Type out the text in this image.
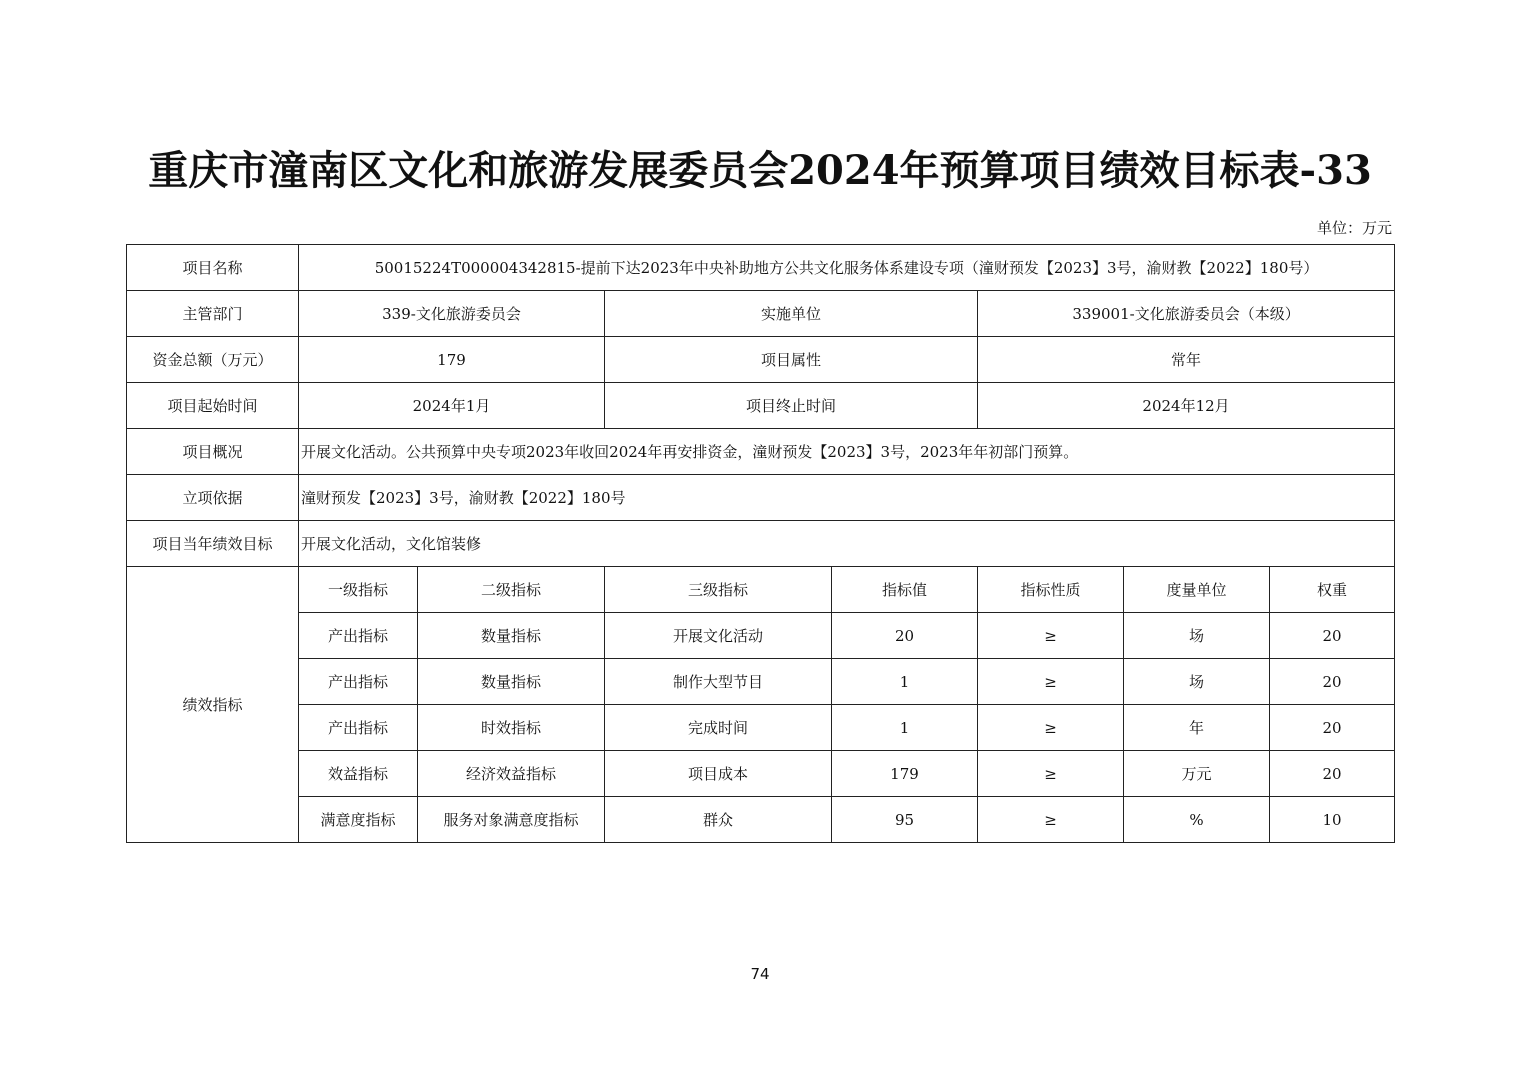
重庆市潼南区文化和旅游发展委员会2024年预算项目绩效目标表-33
单位：万元
项目名称	50015224T000004342815-提前下达2023年中央补助地方公共文化服务体系建设专项（潼财预发【2023】3号，渝财教【2022】180号）						
主管部门	339-文化旅游委员会		实施单位		339001-文化旅游委员会（本级）		
资金总额（万元）	179		项目属性		常年		
项目起始时间	2024年1月		项目终止时间		2024年12月		
项目概况	开展文化活动。公共预算中央专项2023年收回2024年再安排资金，潼财预发【2023】3号，2023年年初部门预算。						
立项依据	潼财预发【2023】3号，渝财教【2022】180号						
项目当年绩效目标	开展文化活动，文化馆装修						
绩效指标	一级指标	二级指标	三级指标	指标值	指标性质	度量单位	权重
	产出指标	数量指标	开展文化活动	20	≥	场	20
	产出指标	数量指标	制作大型节目	1	≥	场	20
	产出指标	时效指标	完成时间	1	≥	年	20
	效益指标	经济效益指标	项目成本	179	≥	万元	20
	满意度指标	服务对象满意度指标	群众	95	≥	%	10
74
